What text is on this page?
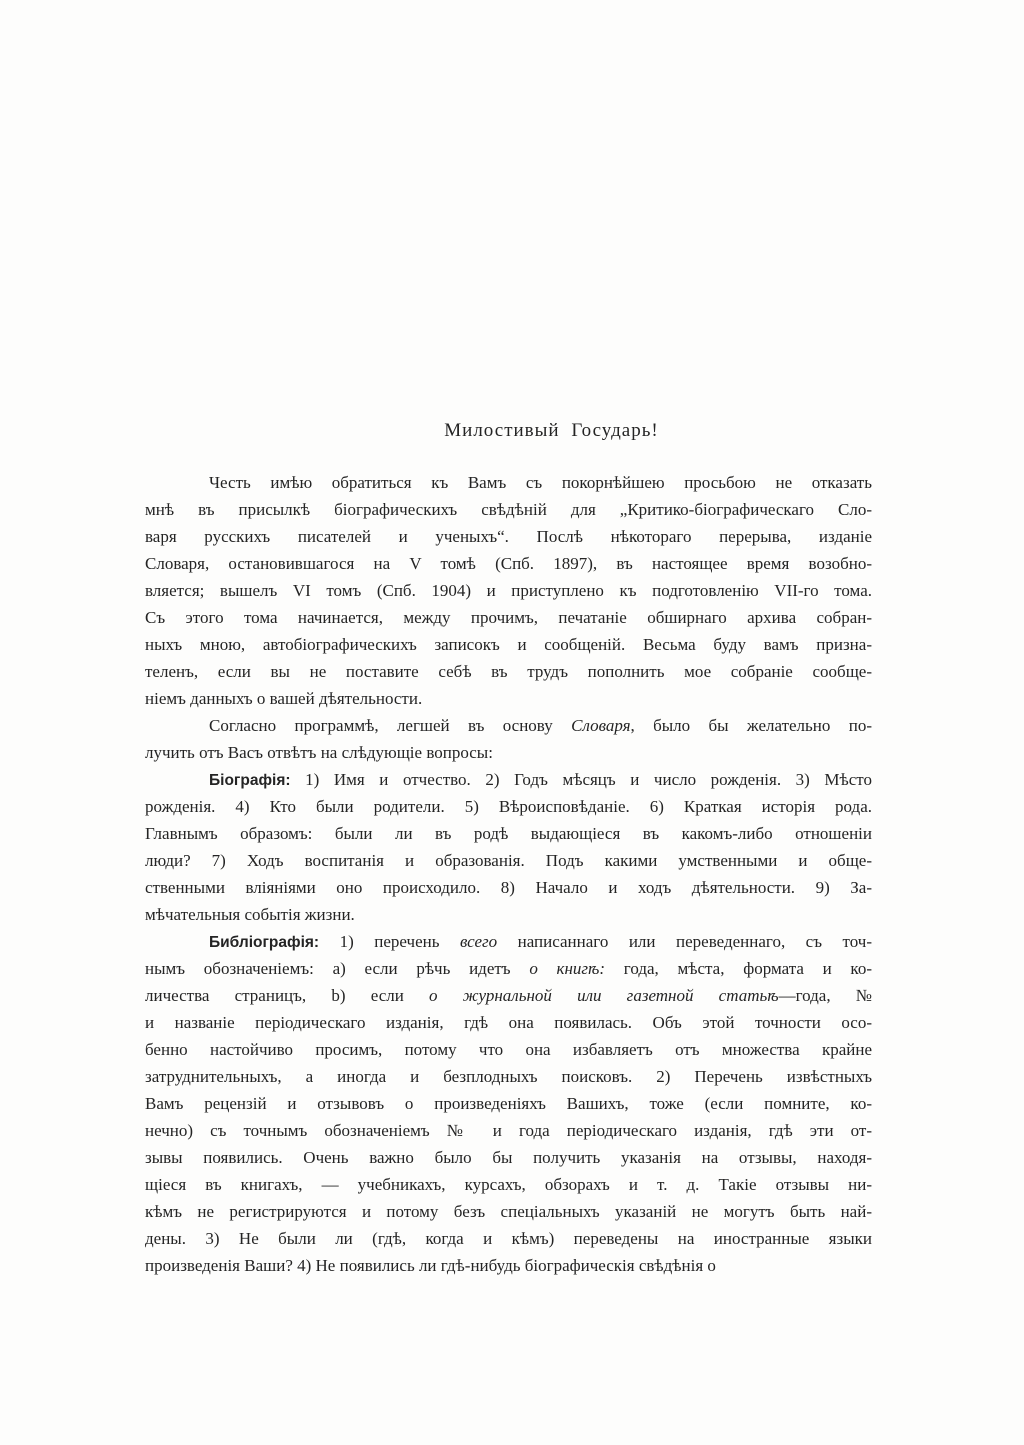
Милостивый Государь!
Честь имѣю обратиться къ Вамъ съ покорнѣйшею просьбою не отказать
мнѣ въ присылкѣ біографическихъ свѣдѣній для „Критико-біографическаго Сло-
варя русскихъ писателей и ученыхъ“. Послѣ нѣкотораго перерыва, изданіе
Словаря, остановившагося на V томѣ (Спб. 1897), въ настоящее время возобно-
вляется; вышелъ VI томъ (Спб. 1904) и приступлено къ подготовленію VII-го тома.
Съ этого тома начинается, между прочимъ, печатаніе обширнаго архива собран-
ныхъ мною, автобіографическихъ записокъ и сообщеній. Весьма буду вамъ призна-
теленъ, если вы не поставите себѣ въ трудъ пополнить мое собраніе сообще-
ніемъ данныхъ о вашей дѣятельности.
Согласно программѣ, легшей въ основу Словаря, было бы желательно по-
лучить отъ Васъ отвѣтъ на слѣдующіе вопросы:
Біографія: 1) Имя и отчество. 2) Годъ мѣсяцъ и число рожденія. 3) Мѣсто
рожденія. 4) Кто были родители. 5) Вѣроисповѣданіе. 6) Краткая исторія рода.
Главнымъ образомъ: были ли въ родѣ выдающіеся въ какомъ-либо отношеніи
люди? 7) Ходъ воспитанія и образованія. Подъ какими умственными и обще-
ственными вліяніями оно происходило. 8) Начало и ходъ дѣятельности. 9) За-
мѣчательныя событія жизни.
Библіографія: 1) перечень всего написаннаго или переведеннаго, съ точ-
нымъ обозначеніемъ: а) если рѣчь идетъ о книгѣ: года, мѣста, формата и ко-
личества страницъ, b) если о журнальной или газетной статьѣ—года, №
и названіе періодическаго изданія, гдѣ она появилась. Объ этой точности осо-
бенно настойчиво просимъ, потому что она избавляетъ отъ множества крайне
затруднительныхъ, а иногда и безплодныхъ поисковъ. 2) Перечень извѣстныхъ
Вамъ рецензій и отзывовъ о произведеніяхъ Вашихъ, тоже (если помните, ко-
нечно) съ точнымъ обозначеніемъ № и года періодическаго изданія, гдѣ эти от-
зывы появились. Очень важно было бы получить указанія на отзывы, находя-
щіеся въ книгахъ, — учебникахъ, курсахъ, обзорахъ и т. д. Такіе отзывы ни-
кѣмъ не регистрируются и потому безъ спеціальныхъ указаній не могутъ быть най-
дены. 3) Не были ли (гдѣ, когда и кѣмъ) переведены на иностранные языки
произведенія Ваши? 4) Не появились ли гдѣ-нибудь біографическія свѣдѣнія о
